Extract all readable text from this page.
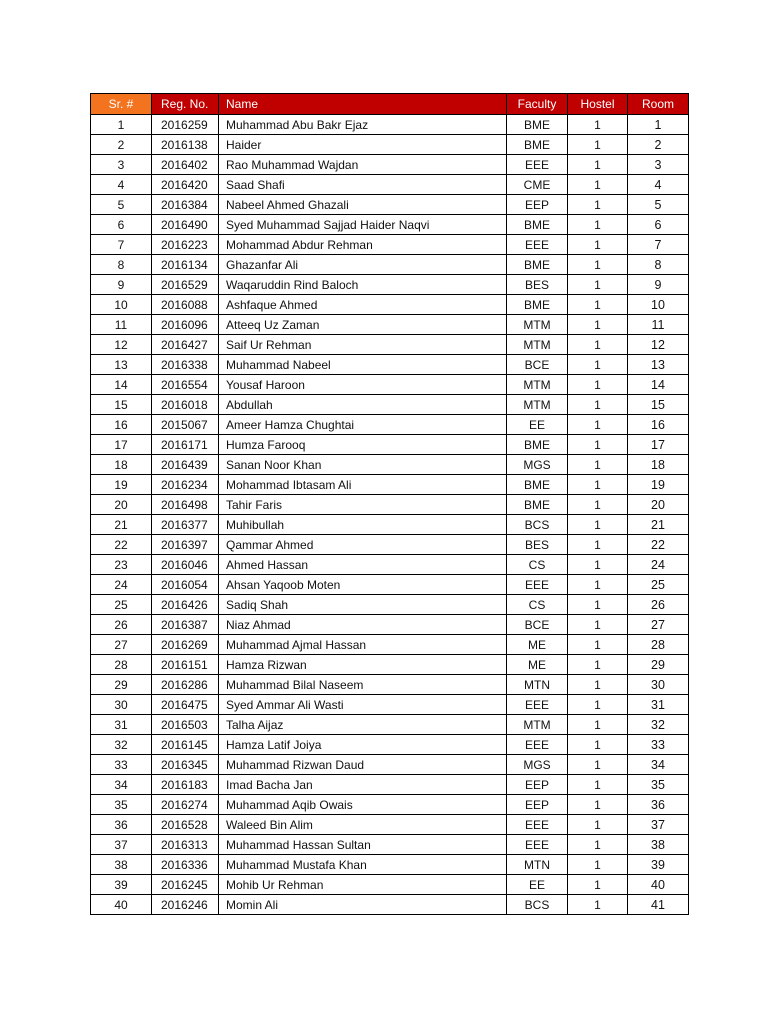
Sr. #	Reg. No.	Name	Faculty	Hostel	Room
1	2016259	Muhammad Abu Bakr Ejaz	BME	1	1
2	2016138	Haider	BME	1	2
3	2016402	Rao Muhammad Wajdan	EEE	1	3
4	2016420	Saad Shafi	CME	1	4
5	2016384	Nabeel Ahmed Ghazali	EEP	1	5
6	2016490	Syed Muhammad Sajjad Haider Naqvi	BME	1	6
7	2016223	Mohammad Abdur Rehman	EEE	1	7
8	2016134	Ghazanfar Ali	BME	1	8
9	2016529	Waqaruddin Rind Baloch	BES	1	9
10	2016088	Ashfaque Ahmed	BME	1	10
11	2016096	Atteeq Uz Zaman	MTM	1	11
12	2016427	Saif Ur Rehman	MTM	1	12
13	2016338	Muhammad Nabeel	BCE	1	13
14	2016554	Yousaf Haroon	MTM	1	14
15	2016018	Abdullah	MTM	1	15
16	2015067	Ameer Hamza Chughtai	EE	1	16
17	2016171	Humza Farooq	BME	1	17
18	2016439	Sanan Noor Khan	MGS	1	18
19	2016234	Mohammad Ibtasam Ali	BME	1	19
20	2016498	Tahir Faris	BME	1	20
21	2016377	Muhibullah	BCS	1	21
22	2016397	Qammar Ahmed	BES	1	22
23	2016046	Ahmed Hassan	CS	1	24
24	2016054	Ahsan Yaqoob Moten	EEE	1	25
25	2016426	Sadiq Shah	CS	1	26
26	2016387	Niaz Ahmad	BCE	1	27
27	2016269	Muhammad Ajmal Hassan	ME	1	28
28	2016151	Hamza Rizwan	ME	1	29
29	2016286	Muhammad Bilal Naseem	MTN	1	30
30	2016475	Syed Ammar Ali Wasti	EEE	1	31
31	2016503	Talha Aijaz	MTM	1	32
32	2016145	Hamza Latif Joiya	EEE	1	33
33	2016345	Muhammad Rizwan Daud	MGS	1	34
34	2016183	Imad Bacha Jan	EEP	1	35
35	2016274	Muhammad Aqib Owais	EEP	1	36
36	2016528	Waleed Bin Alim	EEE	1	37
37	2016313	Muhammad Hassan Sultan	EEE	1	38
38	2016336	Muhammad Mustafa Khan	MTN	1	39
39	2016245	Mohib Ur Rehman	EE	1	40
40	2016246	Momin Ali	BCS	1	41
